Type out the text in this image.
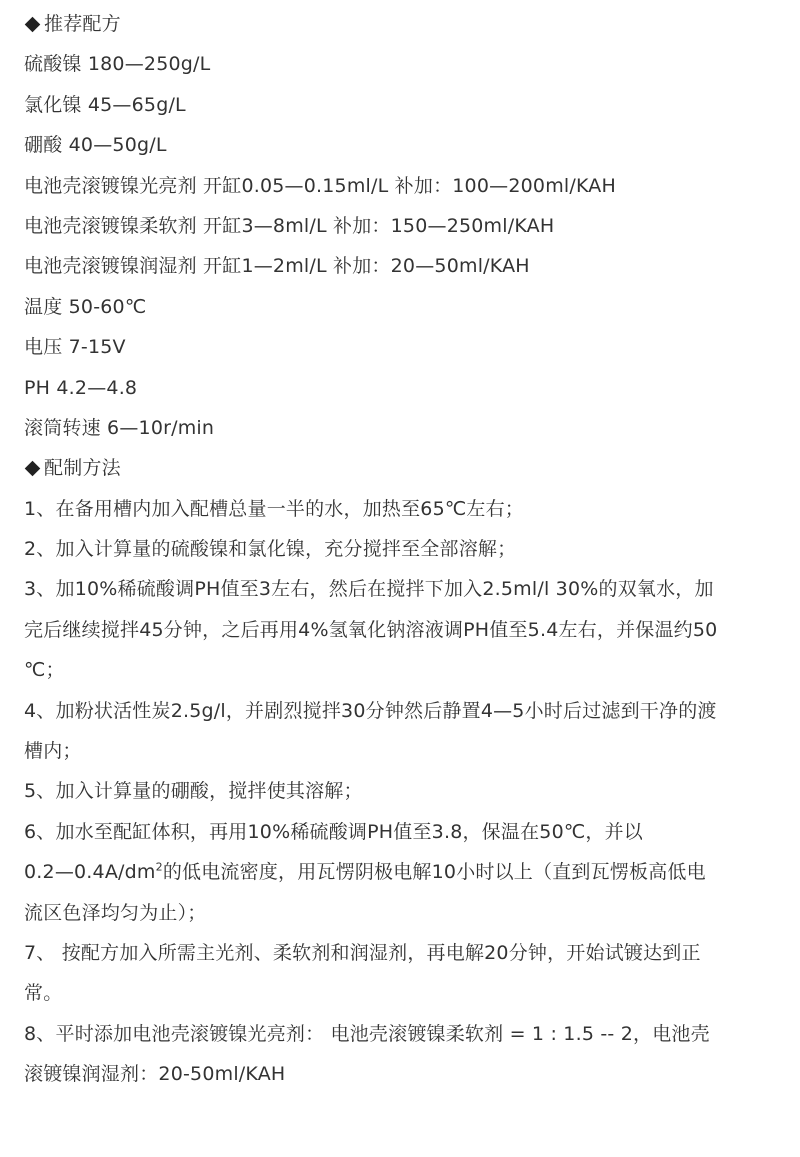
推荐配方
硫酸镍 180—250g/L
氯化镍 45—65g/L
硼酸 40—50g/L
电池壳滚镀镍光亮剂 开缸0.05—0.15ml/L 补加：100—200ml/KAH
电池壳滚镀镍柔软剂 开缸3—8ml/L 补加：150—250ml/KAH
电池壳滚镀镍润湿剂 开缸1—2ml/L 补加：20—50ml/KAH
温度 50-60℃
电压 7-15V
PH 4.2—4.8
滚筒转速 6—10r/min
配制方法
1、在备用槽内加入配槽总量一半的水，加热至65℃左右；
2、加入计算量的硫酸镍和氯化镍，充分搅拌至全部溶解；
3、加10%稀硫酸调PH值至3左右，然后在搅拌下加入2.5ml/l 30%的双氧水，加
完后继续搅拌45分钟，之后再用4%氢氧化钠溶液调PH值至5.4左右，并保温约50
℃；
4、加粉状活性炭2.5g/l，并剧烈搅拌30分钟然后静置4—5小时后过滤到干净的渡
槽内；
5、加入计算量的硼酸，搅拌使其溶解；
6、加水至配缸体积，再用10%稀硫酸调PH值至3.8，保温在50℃，并以
$0.2—0.4A/dm^2$的低电流密度，用瓦愣阴极电解10小时以上（直到瓦愣板高低电
流区色泽均匀为止）；
7、 按配方加入所需主光剂、柔软剂和润湿剂，再电解20分钟，开始试镀达到正
常。
8、平时添加电池壳滚镀镍光亮剂： 电池壳滚镀镍柔软剂 = 1 : 1.5 -- 2，电池壳
滚镀镍润湿剂：20-50ml/KAH
